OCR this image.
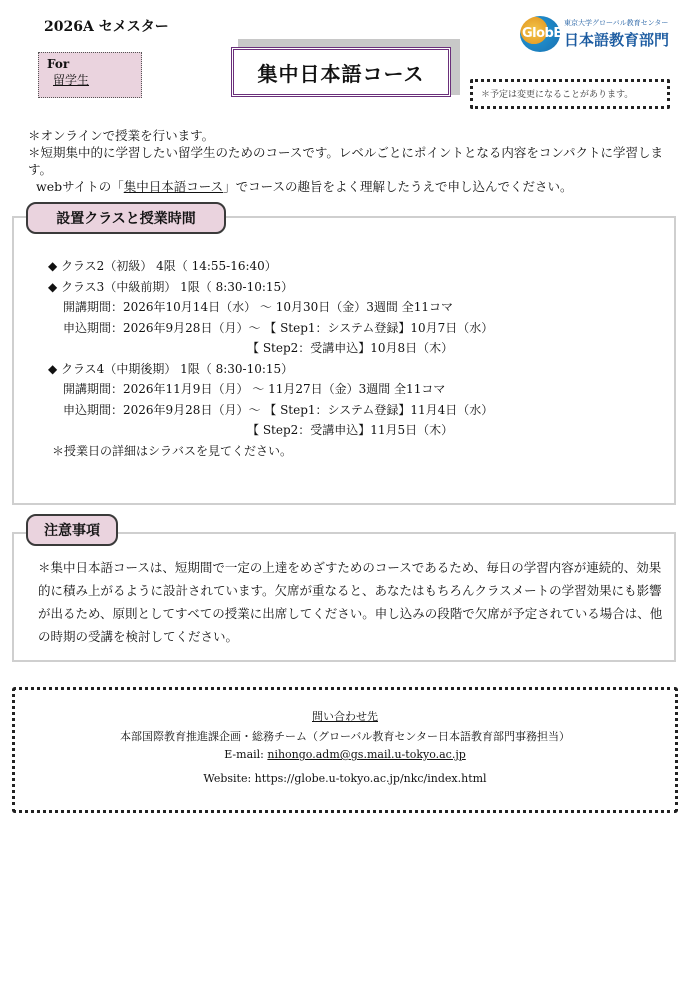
2026A セメスター
For
留学生	集中日本語コース
GlobE
東京大学グローバル教育センター
日本語教育部門
＊予定は変更になることがあります。
＊オンラインで授業を行います。
＊短期集中的に学習したい留学生のためのコースです。レベルごとにポイントとなる内容をコンパクトに学習します。
webサイトの「集中日本語コース」でコースの趣旨をよく理解したうえで申し込んでください。
設置クラスと授業時間
◆ クラス2（初級） 4限（ 14:55-16:40）
◆ クラス3（中級前期） 1限（ 8:30-10:15）
開講期間：2026年10月14日（水） ～ 10月30日（金）3週間 全11コマ
申込期間：2026年9月28日（月）～ 【 Step1：システム登録】10月7日（水）
【 Step2：受講申込】10月8日（木）
◆ クラス4（中期後期） 1限（ 8:30-10:15）
開講期間：2026年11月9日（月） ～ 11月27日（金）3週間 全11コマ
申込期間：2026年9月28日（月）～ 【 Step1：システム登録】11月4日（水）
【 Step2：受講申込】11月5日（木）
＊授業日の詳細はシラバスを見てください。
注意事項
＊集中日本語コースは、短期間で一定の上達をめざすためのコースであるため、毎日の学習内容が連続的、効果的に積み上がるように設計されています。欠席が重なると、あなたはもちろんクラスメートの学習効果にも影響が出るため、原則としてすべての授業に出席してください。申し込みの段階で欠席が予定されている場合は、他の時期の受講を検討してください。
問い合わせ先
本部国際教育推進課企画・総務チーム（グローバル教育センター日本語教育部門事務担当）
E-mail: nihongo.adm@gs.mail.u-tokyo.ac.jp
Website: https://globe.u-tokyo.ac.jp/nkc/index.html
